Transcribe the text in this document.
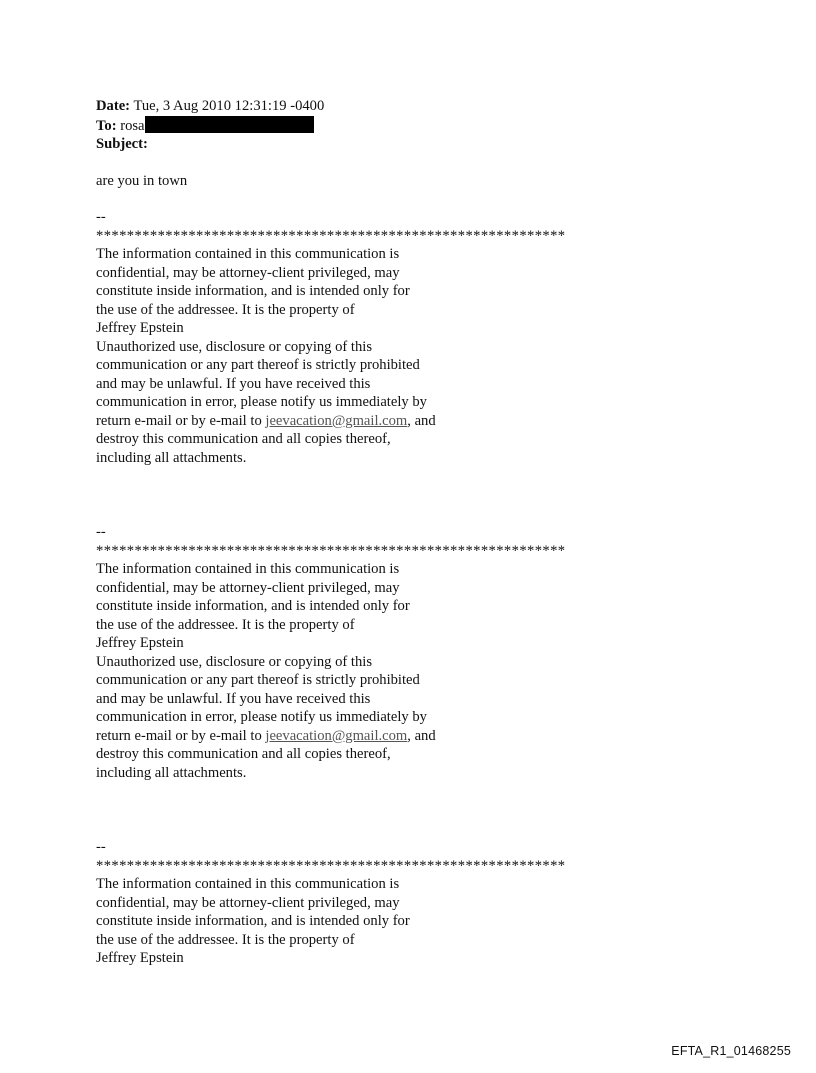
Date: Tue, 3 Aug 2010 12:31:19 -0400
To: rosa
Subject:
are you in town
--
*************************************************************
The information contained in this communication is
confidential, may be attorney-client privileged, may
constitute inside information, and is intended only for
the use of the addressee. It is the property of
Jeffrey Epstein
Unauthorized use, disclosure or copying of this
communication or any part thereof is strictly prohibited
and may be unlawful. If you have received this
communication in error, please notify us immediately by
return e-mail or by e-mail to jeevacation@gmail.com, and
destroy this communication and all copies thereof,
including all attachments.
--
*************************************************************
The information contained in this communication is
confidential, may be attorney-client privileged, may
constitute inside information, and is intended only for
the use of the addressee. It is the property of
Jeffrey Epstein
Unauthorized use, disclosure or copying of this
communication or any part thereof is strictly prohibited
and may be unlawful. If you have received this
communication in error, please notify us immediately by
return e-mail or by e-mail to jeevacation@gmail.com, and
destroy this communication and all copies thereof,
including all attachments.
--
*************************************************************
The information contained in this communication is
confidential, may be attorney-client privileged, may
constitute inside information, and is intended only for
the use of the addressee. It is the property of
Jeffrey Epstein
EFTA_R1_01468255
